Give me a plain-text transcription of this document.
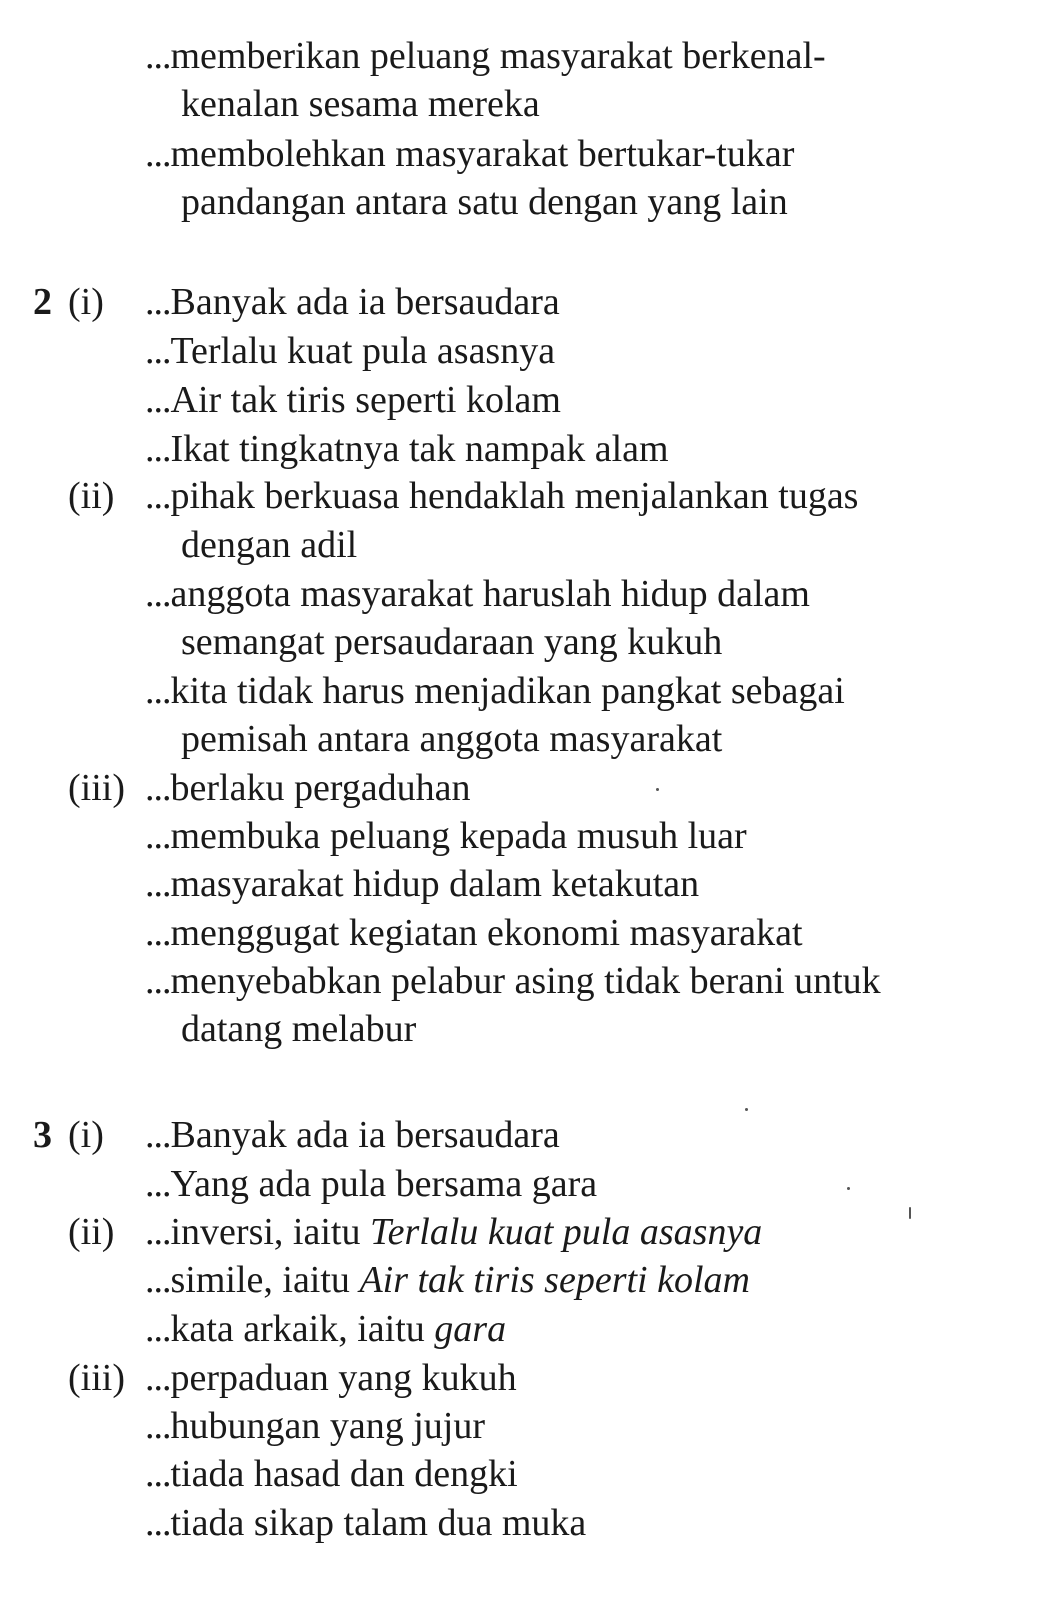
...memberikan peluang masyarakat berkenal-
kenalan sesama mereka
...membolehkan masyarakat bertukar-tukar
pandangan antara satu dengan yang lain
2 (i) ...Banyak ada ia bersaudara
...Terlalu kuat pula asasnya
...Air tak tiris seperti kolam
...Ikat tingkatnya tak nampak alam
(ii) ...pihak berkuasa hendaklah menjalankan tugas
dengan adil
...anggota masyarakat haruslah hidup dalam
semangat persaudaraan yang kukuh
...kita tidak harus menjadikan pangkat sebagai
pemisah antara anggota masyarakat
(iii) ...berlaku pergaduhan
...membuka peluang kepada musuh luar
...masyarakat hidup dalam ketakutan
...menggugat kegiatan ekonomi masyarakat
...menyebabkan pelabur asing tidak berani untuk
datang melabur
3 (i) ...Banyak ada ia bersaudara
...Yang ada pula bersama gara
(ii) ...inversi, iaitu Terlalu kuat pula asasnya
...simile, iaitu Air tak tiris seperti kolam
...kata arkaik, iaitu gara
(iii) ...perpaduan yang kukuh
...hubungan yang jujur
...tiada hasad dan dengki
...tiada sikap talam dua muka
